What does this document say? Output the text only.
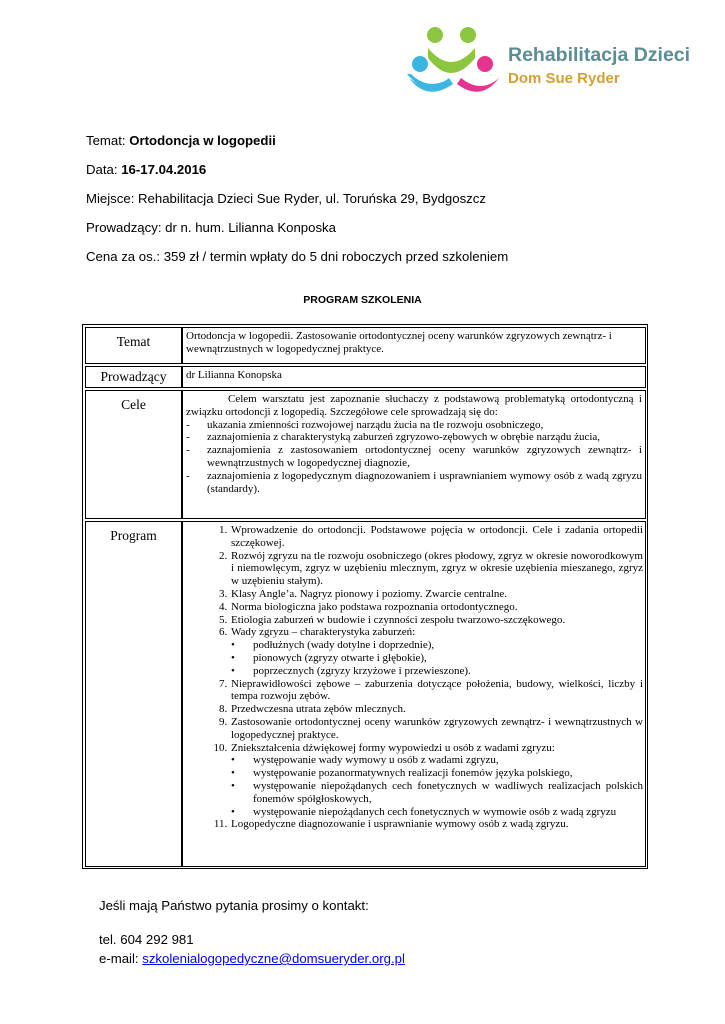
Rehabilitacja Dzieci
Dom Sue Ryder
Temat: Ortodoncja w logopedii
Data: 16-17.04.2016
Miejsce: Rehabilitacja Dzieci Sue Ryder, ul. Toruńska 29, Bydgoszcz
Prowadzący: dr n. hum. Lilianna Konposka
Cena za os.: 359 zł / termin wpłaty do 5 dni roboczych przed szkoleniem
PROGRAM SZKOLENIA
Temat	Ortodoncja w logopedii. Zastosowanie ortodontycznej oceny warunków zgryzowych zewnątrz- i wewnątrzustnych w logopedycznej praktyce.
Prowadzący	dr Lilianna Konopska
Cele	Celem warsztatu jest zapoznanie słuchaczy z podstawową problematyką ortodontyczną i związku ortodoncji z logopedią. Szczegółowe cele sprowadzają się do:
- ukazania zmienności rozwojowej narządu żucia na tle rozwoju osobniczego,
- zaznajomienia z charakterystyką zaburzeń zgryzowo-zębowych w obrębie narządu żucia,
- zaznajomienia z zastosowaniem ortodontycznej oceny warunków zgryzowych zewnątrz- i wewnątrzustnych w logopedycznej diagnozie,
- zaznajomienia z logopedycznym diagnozowaniem i usprawnianiem wymowy osób z wadą zgryzu (standardy).
Program
1.	Wprowadzenie do ortodoncji. Podstawowe pojęcia w ortodoncji. Cele i zadania ortopedii szczękowej.
2. Rozwój zgryzu na tle rozwoju osobniczego (okres płodowy, zgryz w okresie noworodkowym i niemowlęcym, zgryz w uzębieniu mlecznym, zgryz w okresie uzębienia mieszanego, zgryz w uzębieniu stałym).
3. Klasy Angle’a. Nagryz pionowy i poziomy. Zwarcie centralne.
4. Norma biologiczna jako podstawa rozpoznania ortodontycznego.
5. Etiologia zaburzeń w budowie i czynności zespołu twarzowo-szczękowego.
6. Wady zgryzu – charakterystyka zaburzeń:
• podłużnych (wady dotylne i doprzednie),
• pionowych (zgryzy otwarte i głębokie),
• poprzecznych (zgryzy krzyżowe i przewieszone).
7. Nieprawidłowości zębowe – zaburzenia dotyczące położenia, budowy, wielkości, liczby i tempa rozwoju zębów.
8. Przedwczesna utrata zębów mlecznych.
9. Zastosowanie ortodontycznej oceny warunków zgryzowych zewnątrz- i wewnątrzustnych w logopedycznej praktyce.
10. Zniekształcenia dźwiękowej formy wypowiedzi u osób z wadami zgryzu:
• występowanie wady wymowy u osób z wadami zgryzu,
• występowanie pozanormatywnych realizacji fonemów języka polskiego,
• występowanie niepożądanych cech fonetycznych w wadliwych realizacjach polskich fonemów spółgłoskowych,
• występowanie niepożądanych cech fonetycznych w wymowie osób z wadą zgryzu
11. Logopedyczne diagnozowanie i usprawnianie wymowy osób z wadą zgryzu.
Jeśli mają Państwo pytania prosimy o kontakt:
tel. 604 292 981
e-mail: szkolenialogopedyczne@domsueryder.org.pl
